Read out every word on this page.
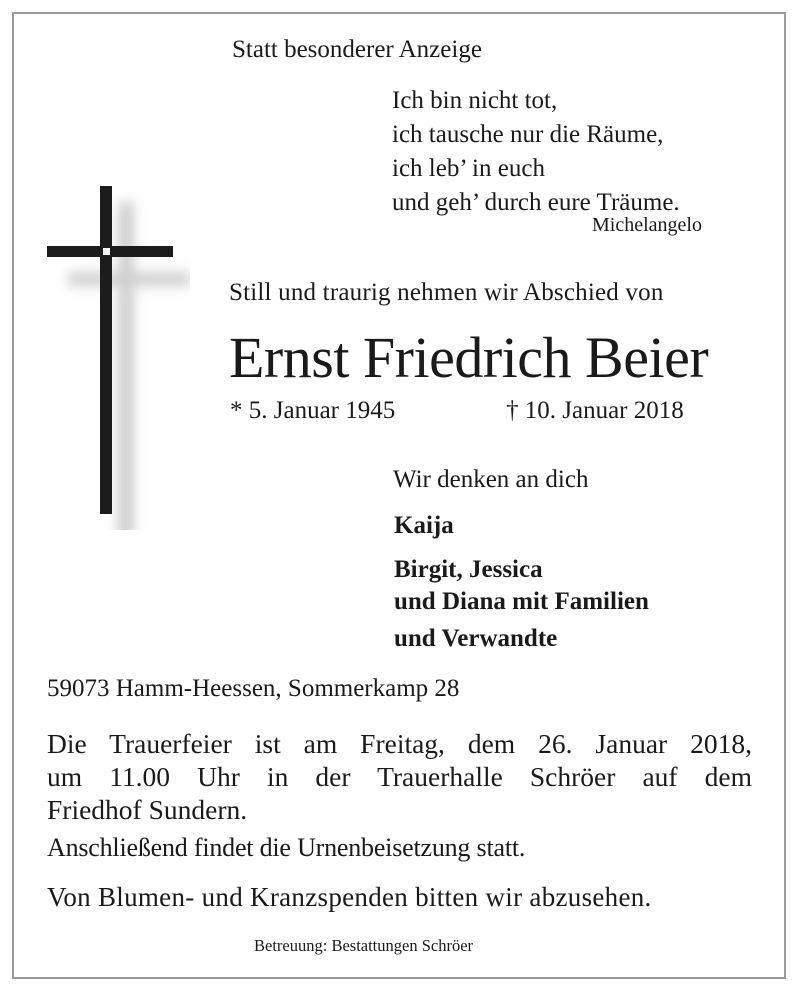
Statt besonderer Anzeige

Ich bin nicht tot,
ich tausche nur die Räume,
ich leb’ in euch
und geh’ durch eure Träume.

Michelangelo

Still und traurig nehmen wir Abschied von

Ernst Friedrich Beier

* 5. Januar 1945	† 10. Januar 2018

Wir denken an dich

Kaija

Birgit, Jessica

und Diana mit Familien

und Verwandte

59073 Hamm-Heessen, Sommerkamp 28

Die Trauerfeier ist am Freitag, dem 26. Januar 2018,
um 11.00 Uhr in der Trauerhalle Schröer auf dem
Friedhof Sundern.

Anschließend findet die Urnenbeisetzung statt.

Von Blumen- und Kranzspenden bitten wir abzusehen.

Betreuung: Bestattungen Schröer
